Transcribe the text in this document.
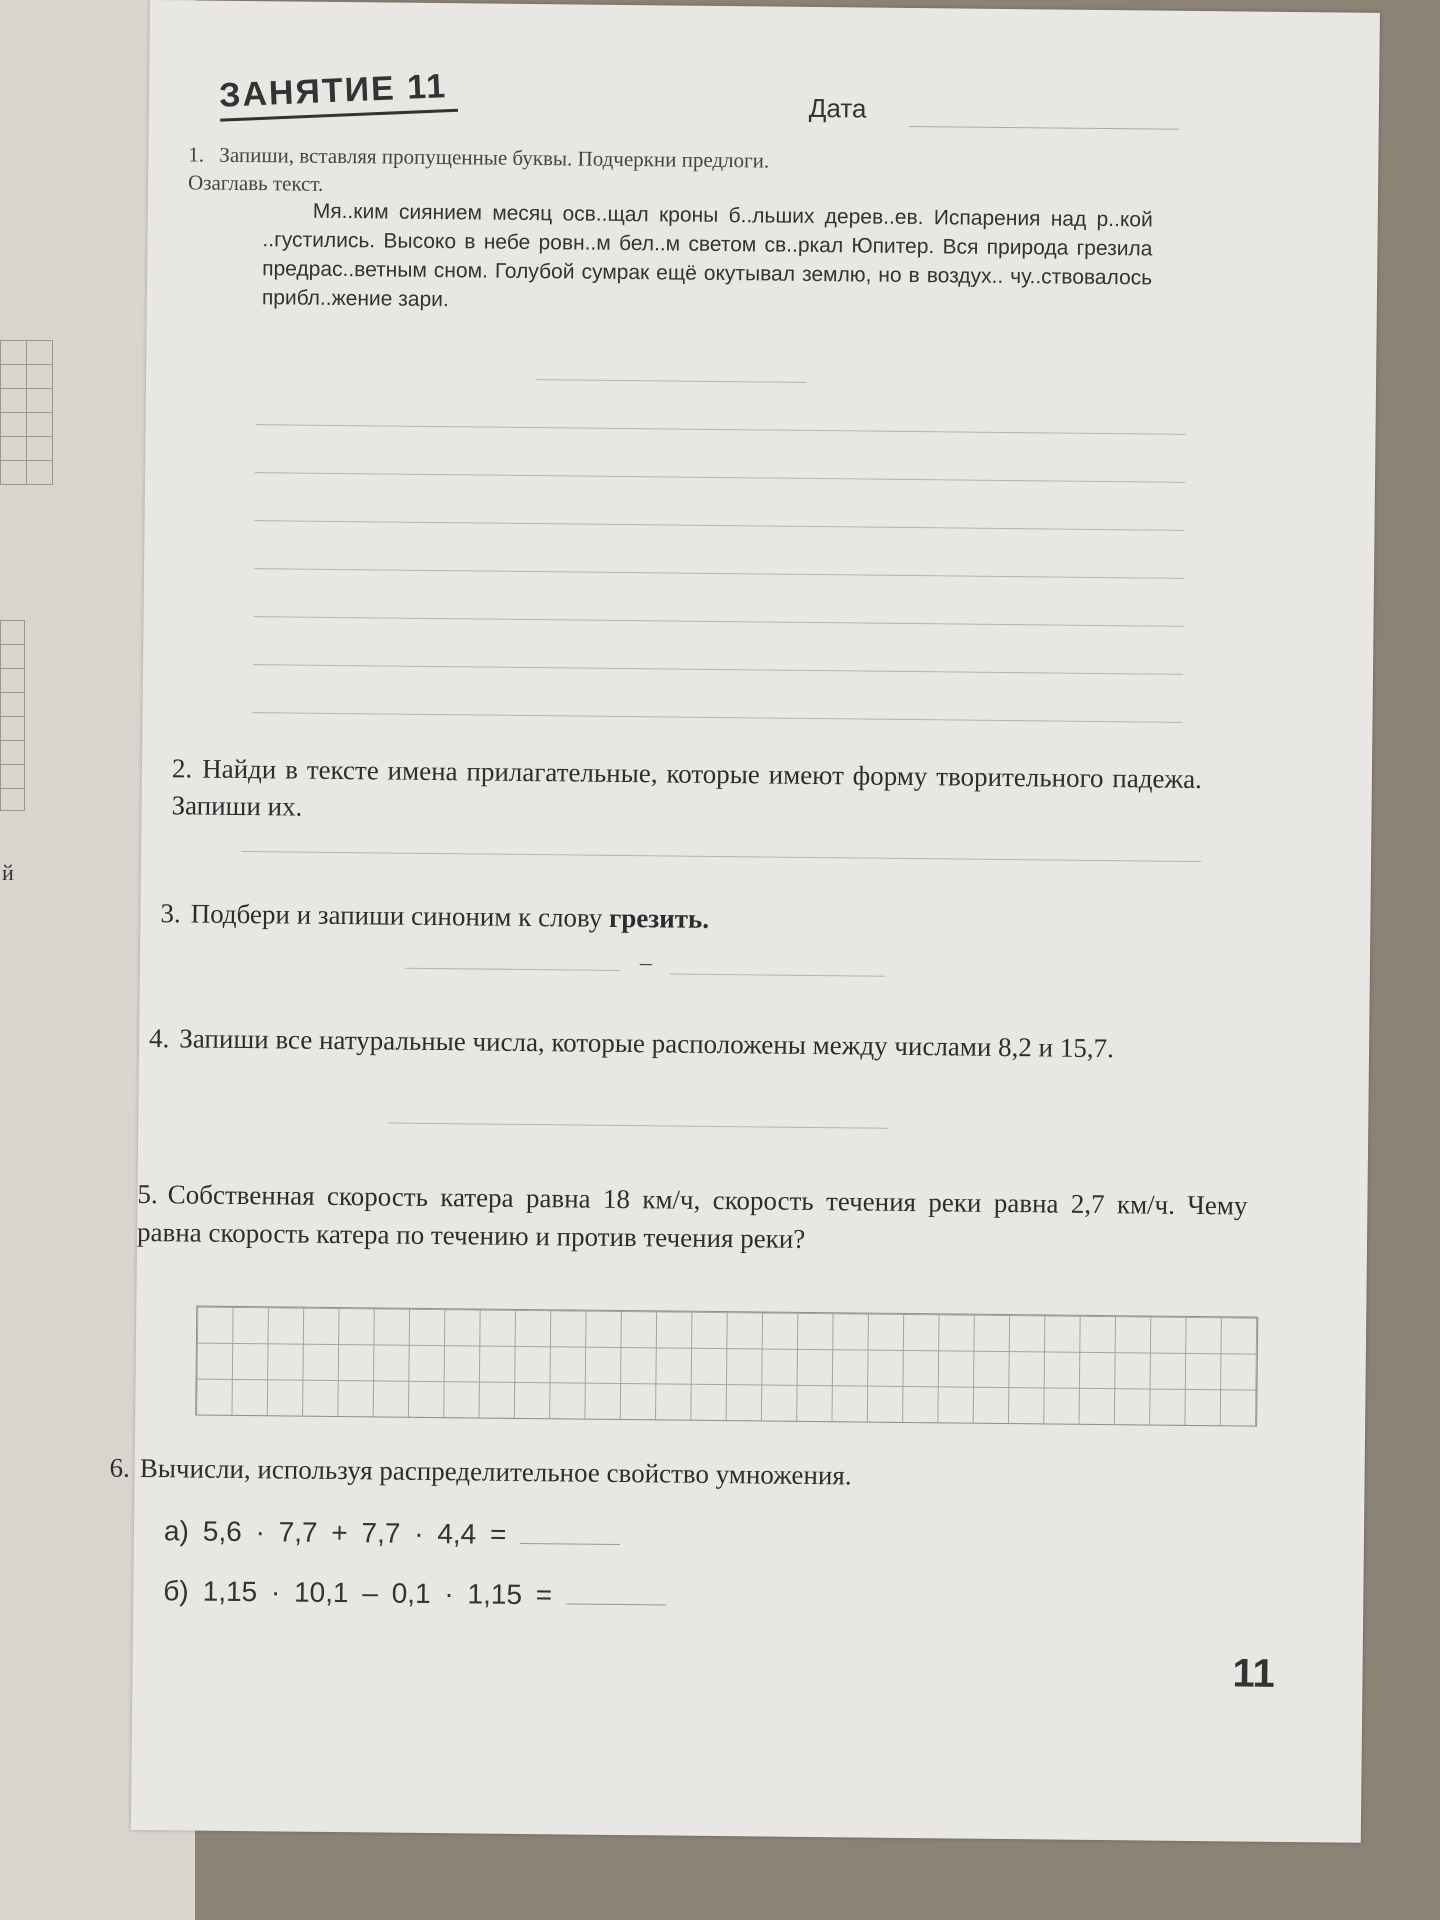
й
ЗАНЯТИЕ 11	Дата
1. Запиши, вставляя пропущенные буквы. Подчеркни предлоги.
Озаглавь текст.
Мя..ким сиянием месяц осв..щал кроны б..льших дерев..ев. Испарения над р..кой ..густились. Высоко в небе ровн..м бел..м светом св..ркал Юпитер. Вся природа грезила предрас..ветным сном. Голубой сумрак ещё окутывал землю, но в воздух.. чу..ствовалось прибл..жение зари.
2. Найди в тексте имена прилагательные, которые имеют форму творительного падежа. Запиши их.
3. Подбери и запиши синоним к слову грезить.
–
4. Запиши все натуральные числа, которые расположены между числами 8,2 и 15,7.
5. Собственная скорость катера равна 18 км/ч, скорость течения реки равна 2,7 км/ч. Чему равна скорость катера по течению и против течения реки?
6. Вычисли, используя распределительное свойство умножения.
а) 5,6 · 7,7 + 7,7 · 4,4 =
б) 1,15 · 10,1 – 0,1 · 1,15 =
11
